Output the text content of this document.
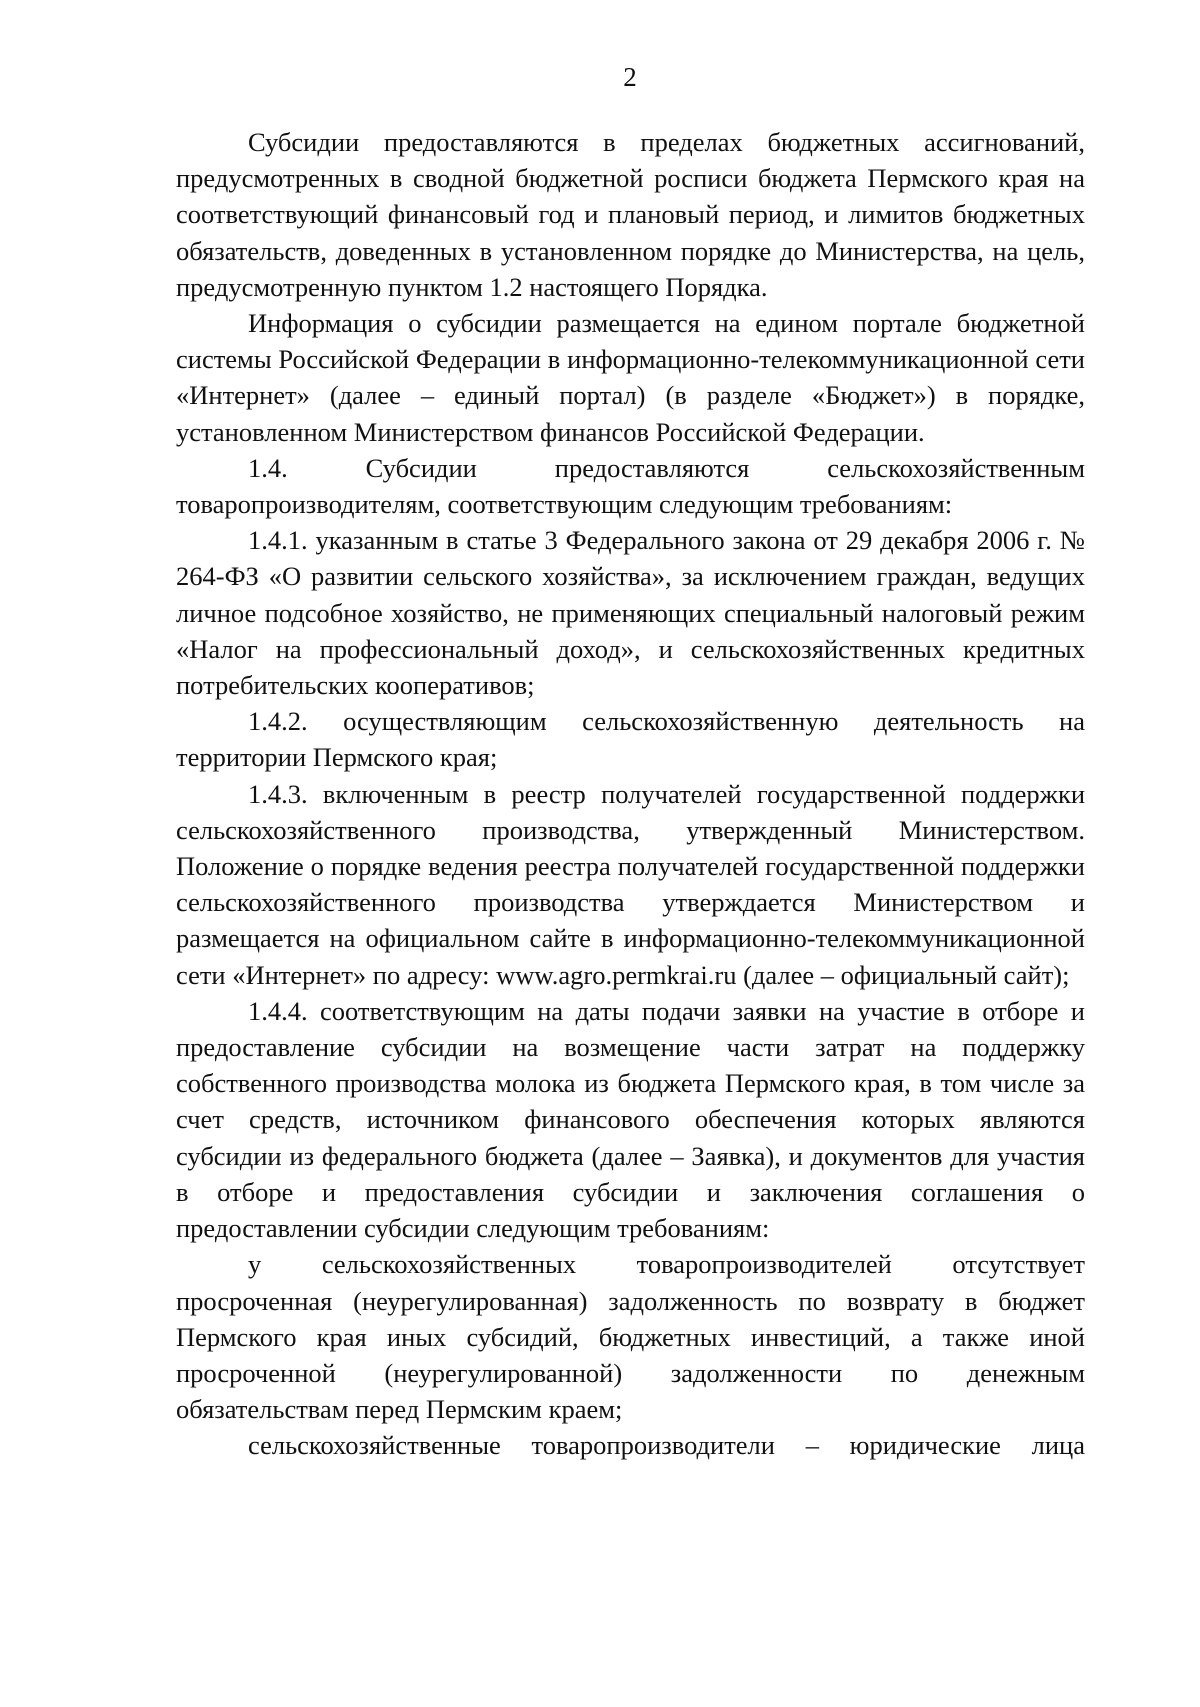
2

Субсидии предоставляются в пределах бюджетных ассигнований, предусмотренных в сводной бюджетной росписи бюджета Пермского края на соответствующий финансовый год и плановый период, и лимитов бюджетных обязательств, доведенных в установленном порядке до Министерства, на цель, предусмотренную пунктом 1.2 настоящего Порядка.

Информация о субсидии размещается на едином портале бюджетной системы Российской Федерации в информационно-телекоммуникационной сети «Интернет» (далее – единый портал) (в разделе «Бюджет») в порядке, установленном Министерством финансов Российской Федерации.

1.4. Субсидии предоставляются сельскохозяйственным товаропроизводителям, соответствующим следующим требованиям:

1.4.1. указанным в статье 3 Федерального закона от 29 декабря 2006 г. № 264-ФЗ «О развитии сельского хозяйства», за исключением граждан, ведущих личное подсобное хозяйство, не применяющих специальный налоговый режим «Налог на профессиональный доход», и сельскохозяйственных кредитных потребительских кооперативов;

1.4.2. осуществляющим сельскохозяйственную деятельность на территории Пермского края;

1.4.3. включенным в реестр получателей государственной поддержки сельскохозяйственного производства, утвержденный Министерством. Положение о порядке ведения реестра получателей государственной поддержки сельскохозяйственного производства утверждается Министерством и размещается на официальном сайте в информационно-телекоммуникационной сети «Интернет» по адресу: www.agro.permkrai.ru (далее – официальный сайт);

1.4.4. соответствующим на даты подачи заявки на участие в отборе и предоставление субсидии на возмещение части затрат на поддержку собственного производства молока из бюджета Пермского края, в том числе за счет средств, источником финансового обеспечения которых являются субсидии из федерального бюджета (далее – Заявка), и документов для участия в отборе и предоставления субсидии и заключения соглашения о предоставлении субсидии следующим требованиям:

у сельскохозяйственных товаропроизводителей отсутствует просроченная (неурегулированная) задолженность по возврату в бюджет Пермского края иных субсидий, бюджетных инвестиций, а также иной просроченной (неурегулированной) задолженности по денежным обязательствам перед Пермским краем;

сельскохозяйственные товаропроизводители – юридические лица
